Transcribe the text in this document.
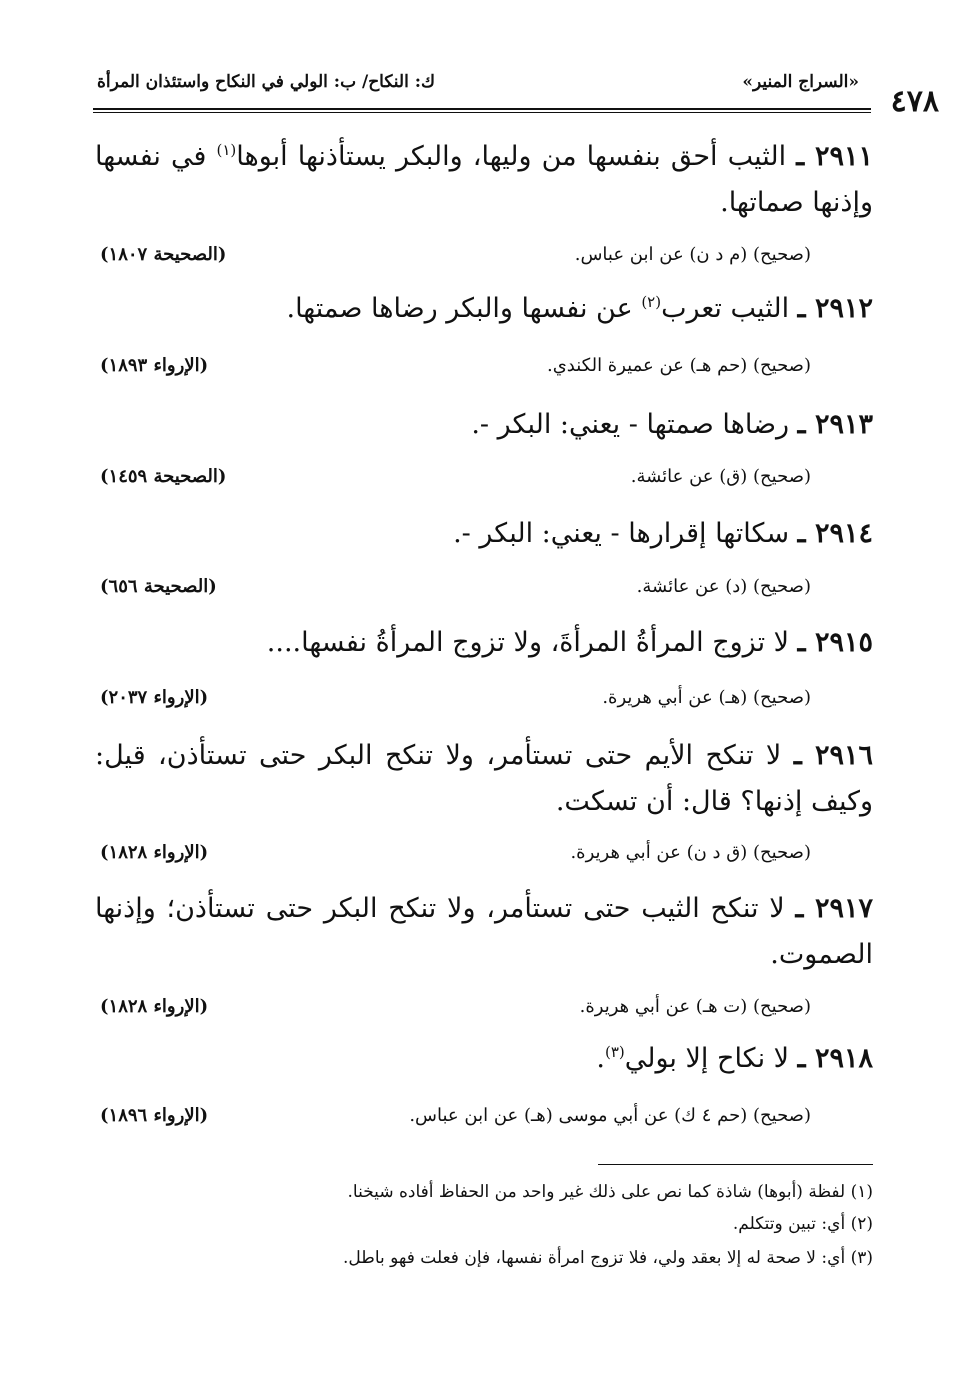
ك: النكاح/ ب: الولي في النكاح واستئذان المرأة	«السراج المنير»
٤٧٨
٢٩١١ ـ الثيب أحق بنفسها من وليها، والبكر يستأذنها أبوها$^{(١)}$ في نفسها وإذنها صماتها.
(صحيح) (م د ن) عن ابن عباس.
(الصحيحة ١٨٠٧)
٢٩١٢ ـ الثيب تعرب$^{(٢)}$ عن نفسها والبكر رضاها صمتها.
(صحيح) (حم هـ) عن عميرة الكندي.
(الإرواء ١٨٩٣)
٢٩١٣ ـ رضاها صمتها - يعني: البكر -.
(صحيح) (ق) عن عائشة.
(الصحيحة ١٤٥٩)
٢٩١٤ ـ سكاتها إقرارها - يعني: البكر -.
(صحيح) (د) عن عائشة.
(الصحيحة ٦٥٦)
٢٩١٥ ـ لا تزوج المرأةُ المرأةَ، ولا تزوج المرأةُ نفسها....
(صحيح) (هـ) عن أبي هريرة.
(الإرواء ٢٠٣٧)
٢٩١٦ ـ لا تنكح الأيم حتى تستأمر، ولا تنكح البكر حتى تستأذن، قيل: وكيف إذنها؟ قال: أن تسكت.
(صحيح) (ق د ن) عن أبي هريرة.
(الإرواء ١٨٢٨)
٢٩١٧ ـ لا تنكح الثيب حتى تستأمر، ولا تنكح البكر حتى تستأذن؛ وإذنها الصموت.
(صحيح) (ت هـ) عن أبي هريرة.
(الإرواء ١٨٢٨)
٢٩١٨ ـ لا نكاح إلا بولي$^{(٣)}$.
(صحيح) (حم ٤ ك) عن أبي موسى (هـ) عن ابن عباس.
(الإرواء ١٨٩٦)
(١) لفظة (أبوها) شاذة كما نص على ذلك غير واحد من الحفاظ أفاده شيخنا.
(٢) أي: تبين وتتكلم.
(٣) أي: لا صحة له إلا بعقد ولي، فلا تزوج امرأة نفسها، فإن فعلت فهو باطل.
